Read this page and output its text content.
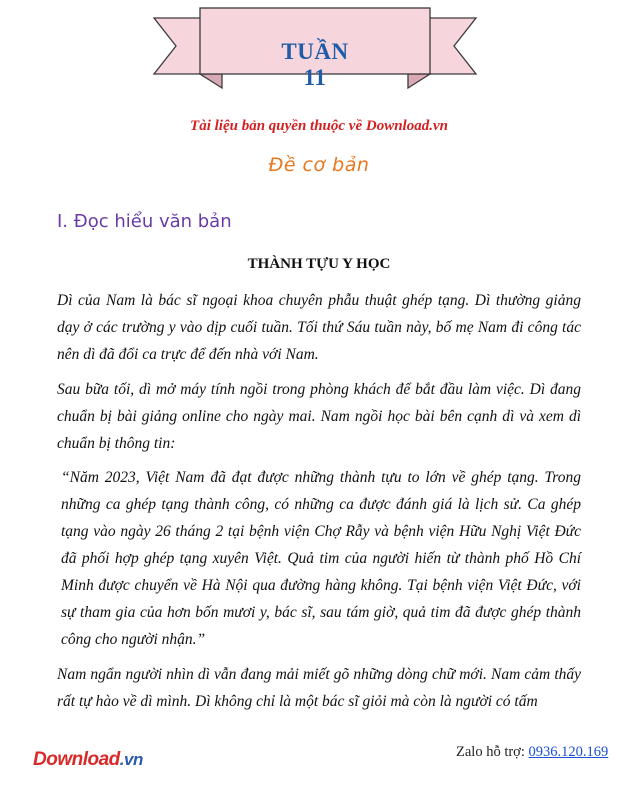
TUẦN 11
Tài liệu bản quyền thuộc về Download.vn
Đề cơ bản
I. Đọc hiểu văn bản
THÀNH TỰU Y HỌC
Dì của Nam là bác sĩ ngoại khoa chuyên phẫu thuật ghép tạng. Dì thường giảng dạy ở các trường y vào dịp cuối tuần. Tối thứ Sáu tuần này, bố mẹ Nam đi công tác nên dì đã đổi ca trực để đến nhà với Nam.
Sau bữa tối, dì mở máy tính ngồi trong phòng khách để bắt đầu làm việc. Dì đang chuẩn bị bài giảng online cho ngày mai. Nam ngồi học bài bên cạnh dì và xem dì chuẩn bị thông tin:
“Năm 2023, Việt Nam đã đạt được những thành tựu to lớn về ghép tạng. Trong những ca ghép tạng thành công, có những ca được đánh giá là lịch sử. Ca ghép tạng vào ngày 26 tháng 2 tại bệnh viện Chợ Rẫy và bệnh viện Hữu Nghị Việt Đức đã phối hợp ghép tạng xuyên Việt. Quả tim của người hiến từ thành phố Hồ Chí Minh được chuyển về Hà Nội qua đường hàng không. Tại bệnh viện Việt Đức, với sự tham gia của hơn bốn mươi y, bác sĩ, sau tám giờ, quả tim đã được ghép thành công cho người nhận.”
Nam ngẩn người nhìn dì vẫn đang mải miết gõ những dòng chữ mới. Nam cảm thấy rất tự hào về dì mình. Dì không chỉ là một bác sĩ giỏi mà còn là người có tấm
Download.vn	Zalo hỗ trợ: 0936.120.169
